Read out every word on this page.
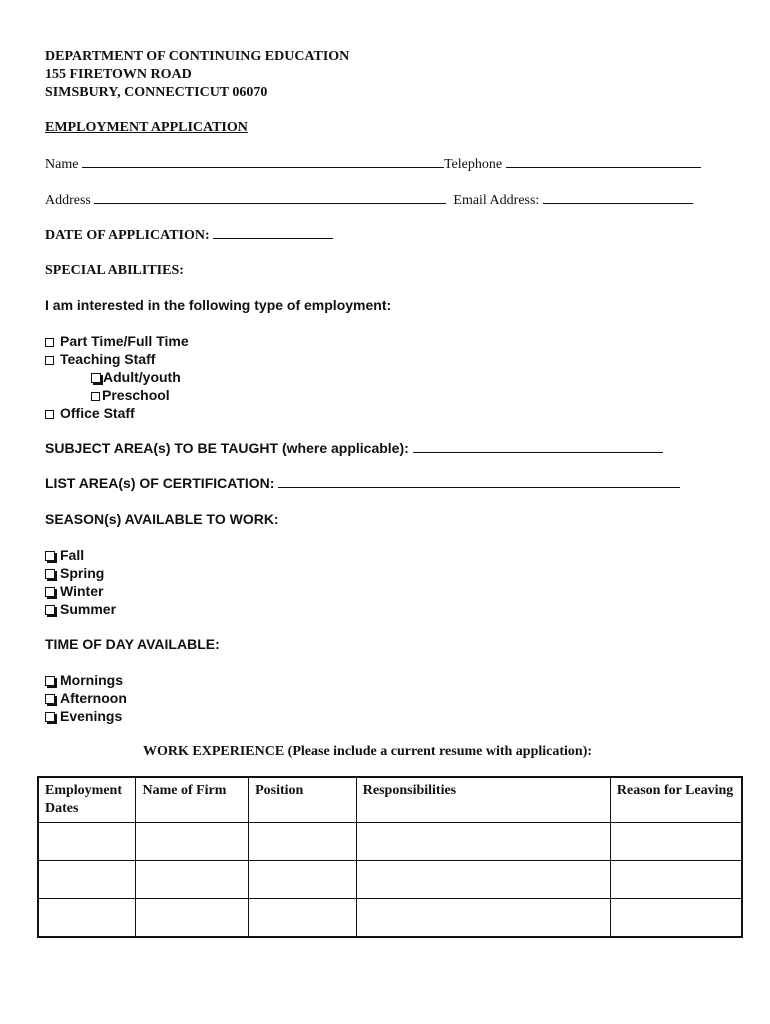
DEPARTMENT OF CONTINUING EDUCATION
155 FIRETOWN ROAD
SIMSBURY, CONNECTICUT 06070
EMPLOYMENT APPLICATION
Name	Telephone
Address	Email Address:
DATE OF APPLICATION:
SPECIAL ABILITIES:
I am interested in the following type of employment:
Part Time/Full Time
Teaching Staff
Adult/youth
Preschool
Office Staff
SUBJECT AREA(s) TO BE TAUGHT (where applicable):
LIST AREA(s) OF CERTIFICATION:
SEASON(s) AVAILABLE TO WORK:
Fall
Spring
Winter
Summer
TIME OF DAY AVAILABLE:
Mornings
Afternoon
Evenings
WORK EXPERIENCE (Please include a current resume with application):
Employment Dates	Name of Firm	Position	Responsibilities	Reason for Leaving
